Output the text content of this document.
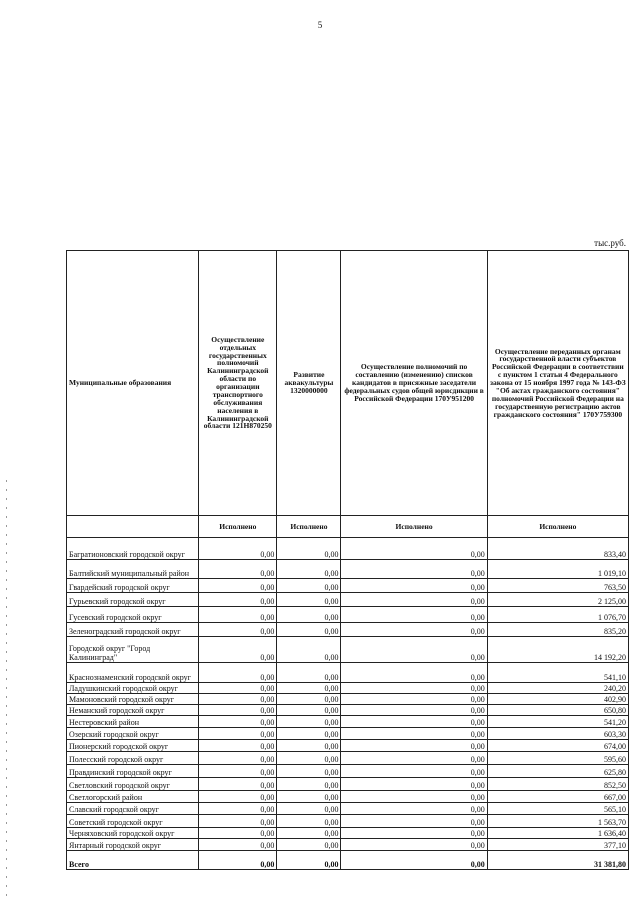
5
тыс.руб.
Муниципальные образования	Осуществление отдельных государственных полномочий Калининградской области по организации транспортного обслуживания населения в Калининградской области 121Н870250	Развитие аквакультуры 1320000000	Осуществление полномочий по составлению (изменению) списков кандидатов в присяжные заседатели федеральных судов общей юрисдикции в Российской Федерации 170У951200	Осуществление переданных органам государственной власти субъектов Российской Федерации в соответствии с пунктом 1 статьи 4 Федерального закона от 15 ноября 1997 года № 143-ФЗ "Об актах гражданского состояния" полномочий Российской Федерации на государственную регистрацию актов гражданского состояния" 170У759300
	Исполнено	Исполнено	Исполнено	Исполнено
Багратионовский городской округ	0,00	0,00	0,00	833,40
Балтийский муниципальный район	0,00	0,00	0,00	1 019,10
Гвардейский городской округ	0,00	0,00	0,00	763,50
Гурьевский городской округ	0,00	0,00	0,00	2 125,00
Гусевский городской округ	0,00	0,00	0,00	1 076,70
Зеленоградский городской округ	0,00	0,00	0,00	835,20
Городской округ "Город Калининград"	0,00	0,00	0,00	14 192,20
Краснознаменский городской округ	0,00	0,00	0,00	541,10
Ладушкинский городской округ	0,00	0,00	0,00	240,20
Мамоновский городской округ	0,00	0,00	0,00	402,90
Неманский городской округ	0,00	0,00	0,00	650,80
Нестеровский район	0,00	0,00	0,00	541,20
Озерский городской округ	0,00	0,00	0,00	603,30
Пионерский городской округ	0,00	0,00	0,00	674,00
Полесский городской округ	0,00	0,00	0,00	595,60
Правдинский городской округ	0,00	0,00	0,00	625,80
Светловский городской округ	0,00	0,00	0,00	852,50
Светлогорский район	0,00	0,00	0,00	667,00
Славский городской округ	0,00	0,00	0,00	565,10
Советский городской округ	0,00	0,00	0,00	1 563,70
Черняховский городской округ	0,00	0,00	0,00	1 636,40
Янтарный городской округ	0,00	0,00	0,00	377,10
Всего	0,00	0,00	0,00	31 381,80
